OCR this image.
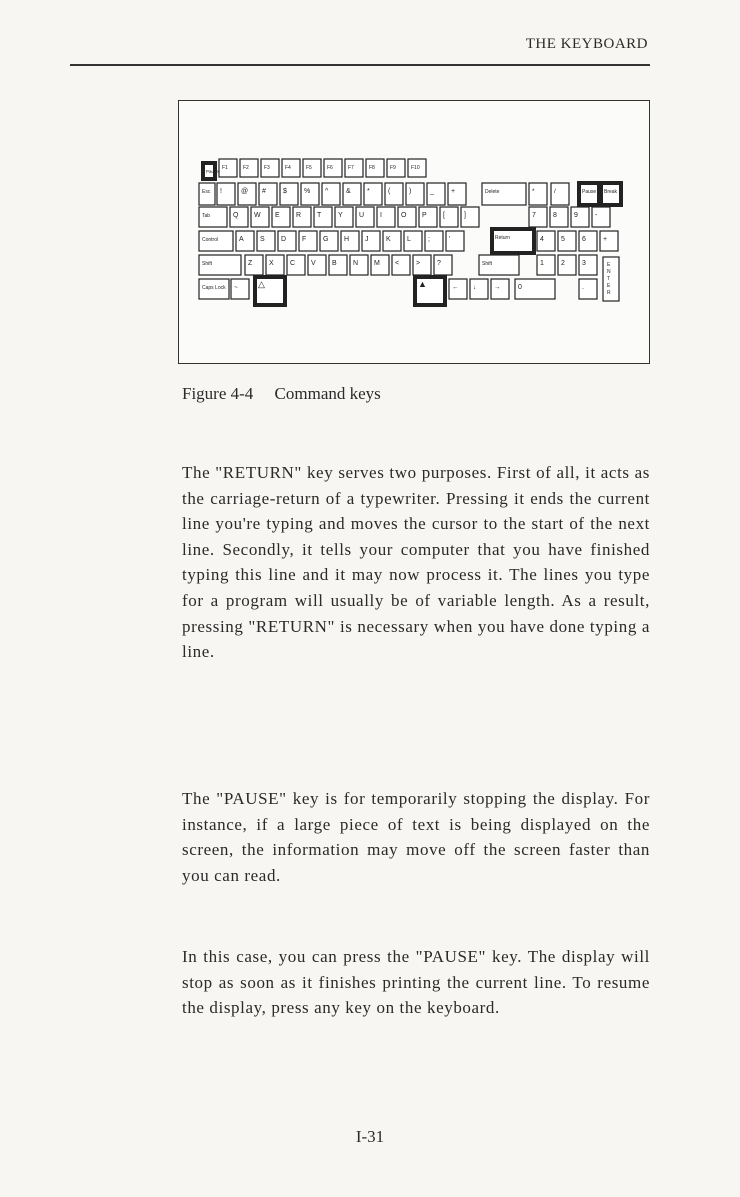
THE KEYBOARD
Pause
F1	F2	F3	F4	F5	F6	F7	F8	F9	F10
Esc !	@ # $ % ^	& *	(	)	_ +	Delete	*	/	Pause Break
Tab	Q W E R T Y U I	O P [	]	7 8 9 -
Control	A S D F G H J	K L ;	'	Return	4 5 6 +
Shift	Z X C V B N M < > ?	Shift	1 2 3
Caps Lock ~ △	▲	← ↓	→	0	.
E N T E R
Figure 4-4     Command keys

The "RETURN" key serves two purposes. First of all, it acts as the carriage-return of a typewriter. Pressing it ends the current line you're typing and moves the cursor to the start of the next line. Secondly, it tells your computer that you have finished typing this line and it may now process it. The lines you type for a program will usually be of variable length. As a result, pressing "RETURN" is necessary when you have done typing a line.

The "PAUSE" key is for temporarily stopping the display. For instance, if a large piece of text is being displayed on the screen, the information may move off the screen faster than you can read.

In this case, you can press the "PAUSE" key. The display will stop as soon as it finishes printing the current line. To resume the display, press any key on the keyboard.

I-31
